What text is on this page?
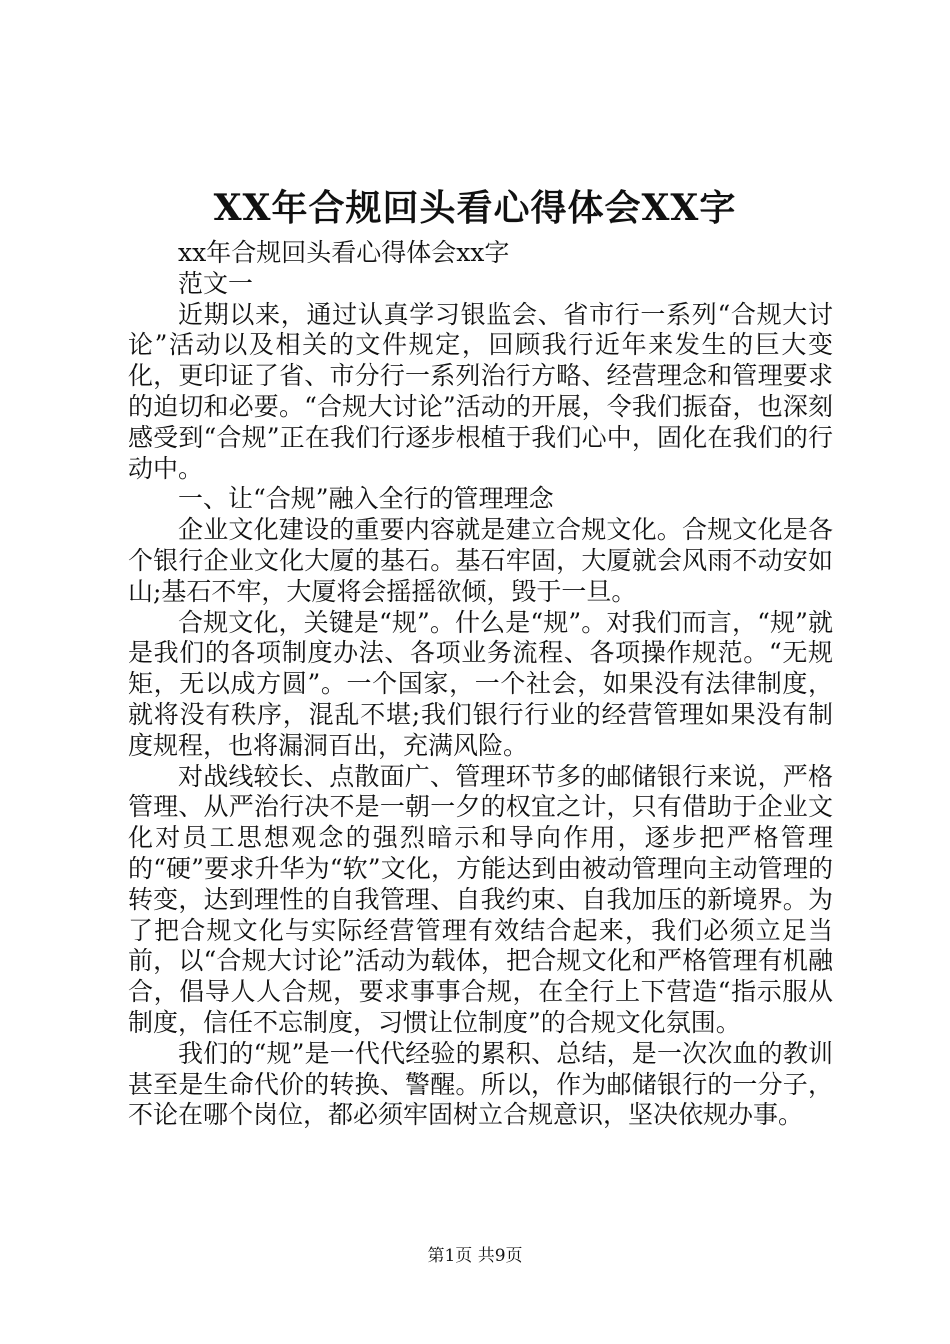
XX年合规回头看心得体会XX字

xx年合规回头看心得体会xx字

范文一

近期以来，通过认真学习银监会、省市行一系列“合规大讨论”活动以及相关的文件规定，回顾我行近年来发生的巨大变化，更印证了省、市分行一系列治行方略、经营理念和管理要求的迫切和必要。“合规大讨论”活动的开展，令我们振奋，也深刻感受到“合规”正在我们行逐步根植于我们心中，固化在我们的行动中。

一、让“合规”融入全行的管理理念

企业文化建设的重要内容就是建立合规文化。合规文化是各个银行企业文化大厦的基石。基石牢固，大厦就会风雨不动安如山;基石不牢，大厦将会摇摇欲倾，毁于一旦。

合规文化，关键是“规”。什么是“规”。对我们而言，“规”就是我们的各项制度办法、各项业务流程、各项操作规范。“无规矩，无以成方圆”。一个国家，一个社会，如果没有法律制度，就将没有秩序，混乱不堪;我们银行行业的经营管理如果没有制度规程，也将漏洞百出，充满风险。

对战线较长、点散面广、管理环节多的邮储银行来说，严格管理、从严治行决不是一朝一夕的权宜之计，只有借助于企业文化对员工思想观念的强烈暗示和导向作用，逐步把严格管理的“硬”要求升华为“软”文化，方能达到由被动管理向主动管理的转变，达到理性的自我管理、自我约束、自我加压的新境界。为了把合规文化与实际经营管理有效结合起来，我们必须立足当前，以“合规大讨论”活动为载体，把合规文化和严格管理有机融合，倡导人人合规，要求事事合规，在全行上下营造“指示服从制度，信任不忘制度，习惯让位制度”的合规文化氛围。

我们的“规”是一代代经验的累积、总结，是一次次血的教训甚至是生命代价的转换、警醒。所以，作为邮储银行的一分子，不论在哪个岗位，都必须牢固树立合规意识，坚决依规办事。

第1页 共9页
